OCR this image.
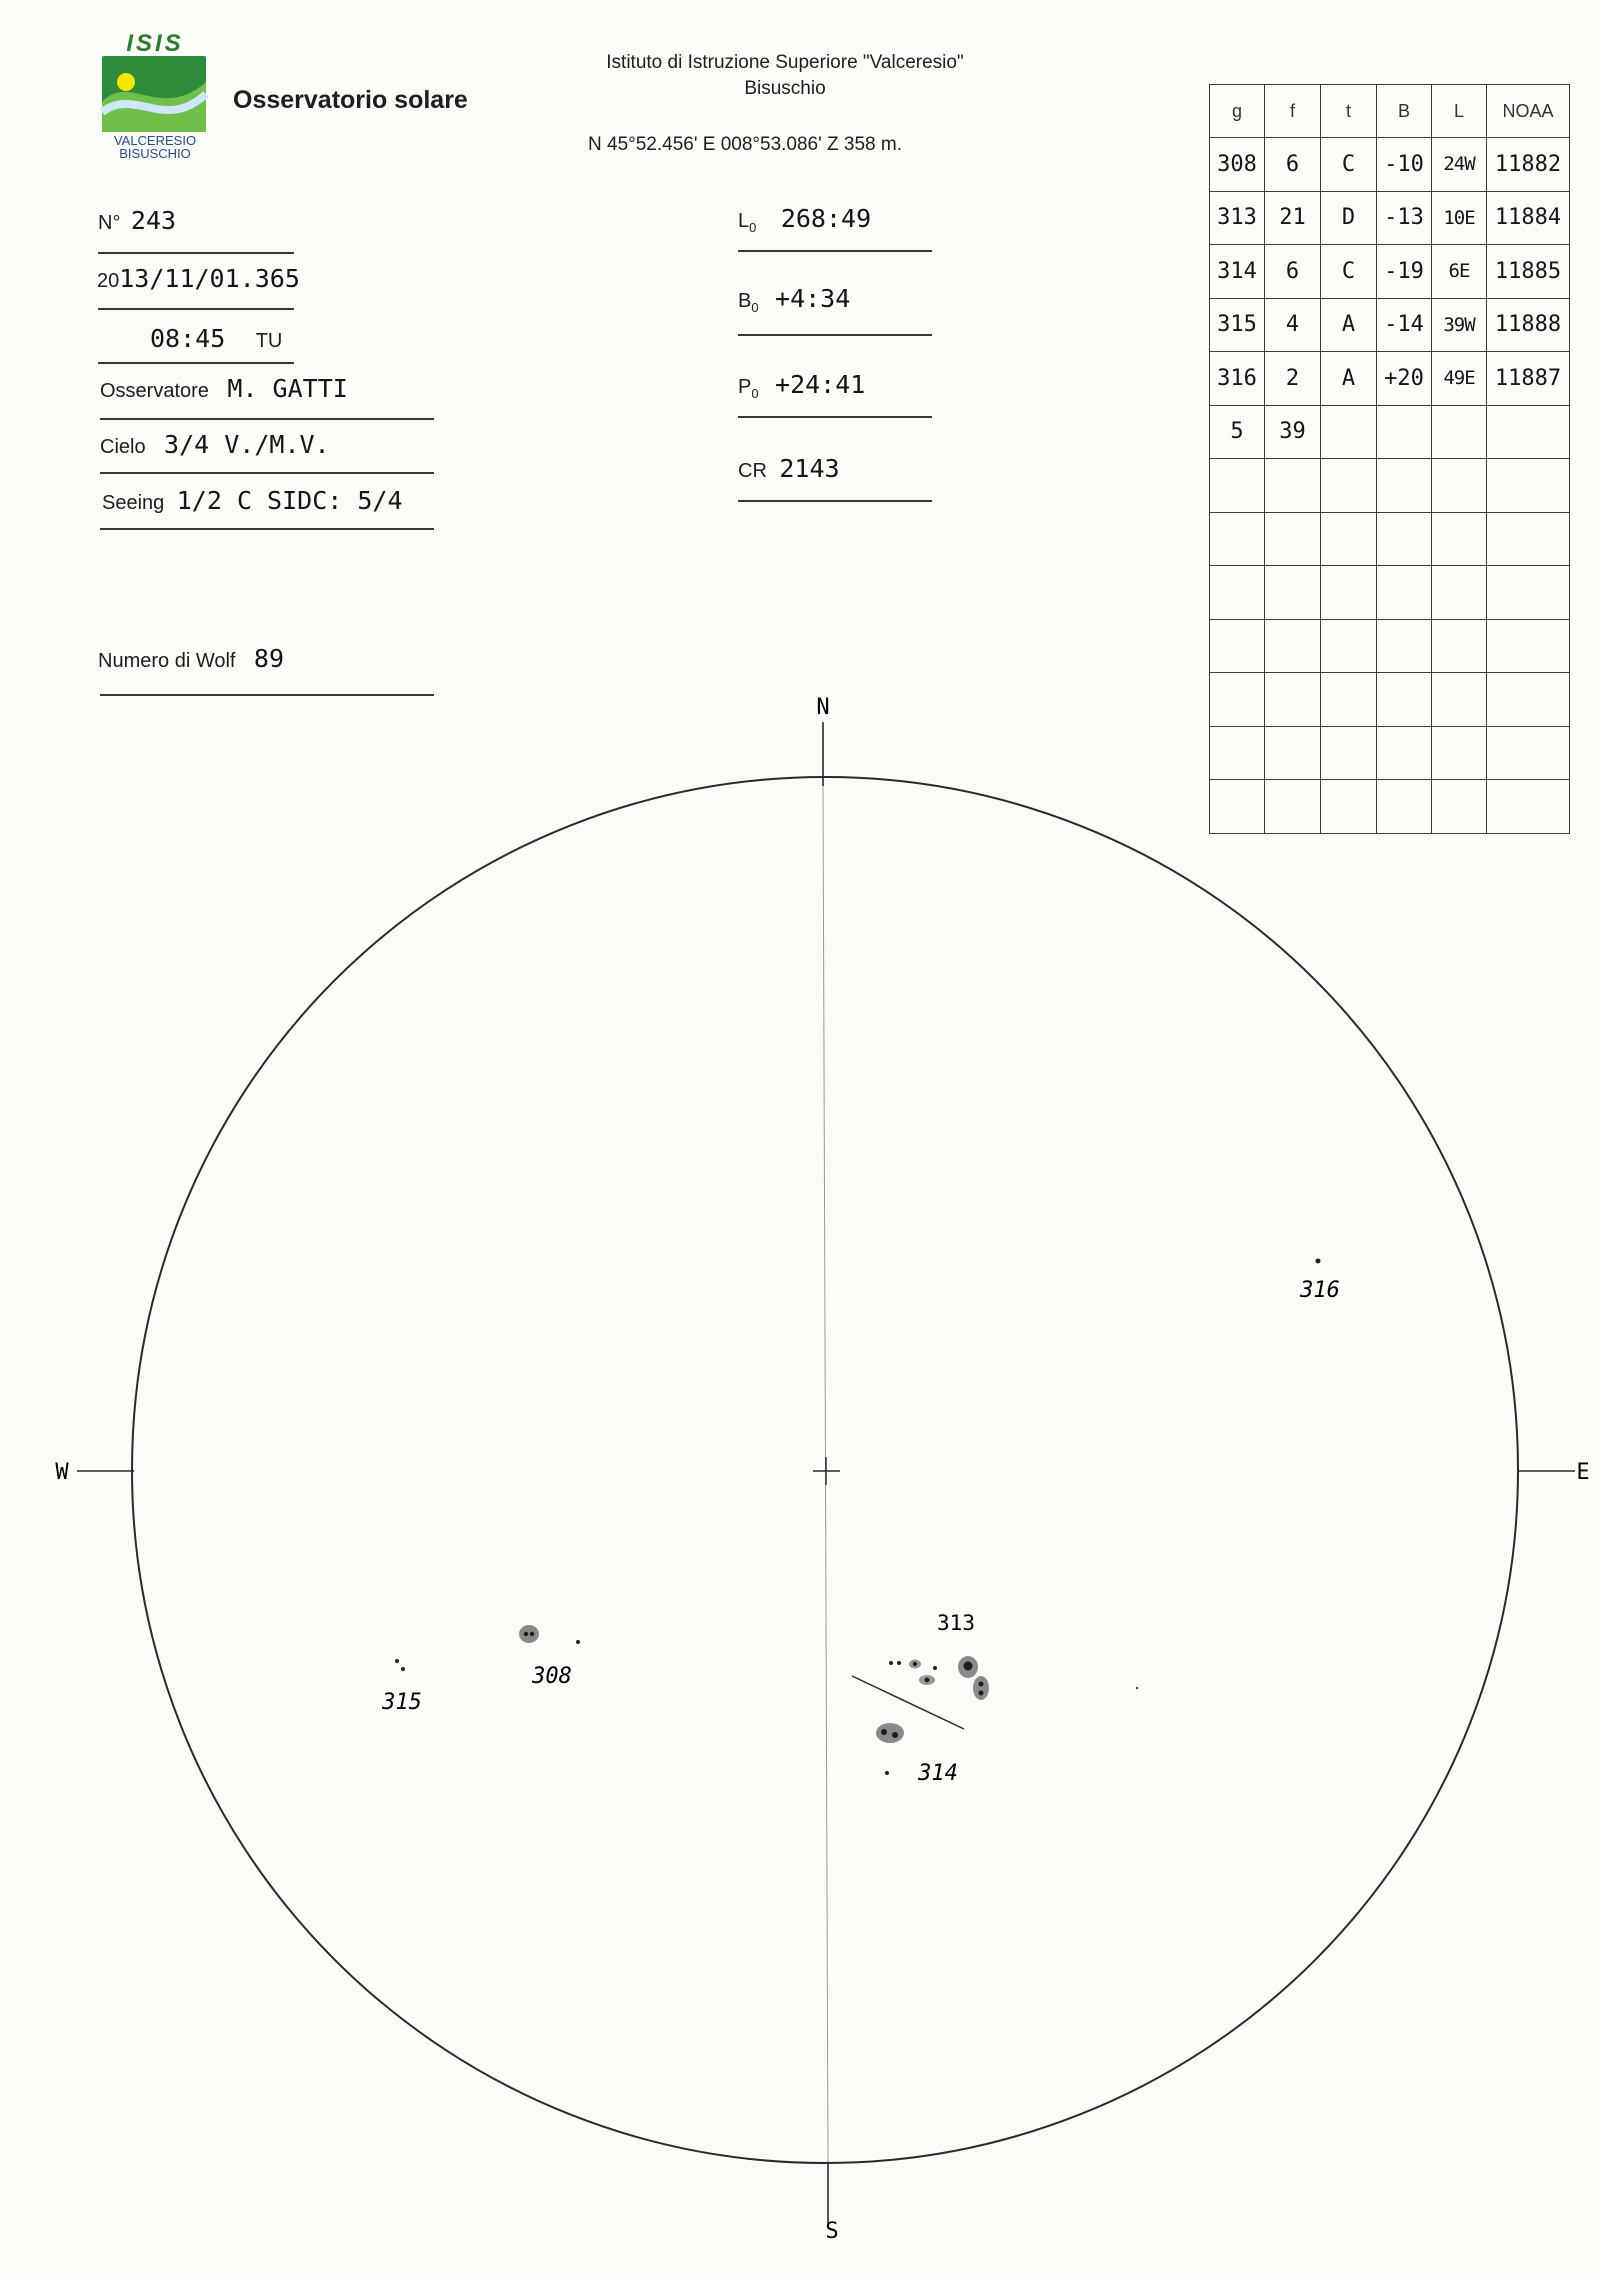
ISIS
VALCERESIO
BISUSCHIO
Osservatorio solare
Istituto di Istruzione Superiore "Valceresio"
Bisuschio
N 45°52.456' E 008°53.086' Z 358 m.
N° 243
2013/11/01.365
08:45 TU
Osservatore M. GATTI
Cielo 3/4 V./M.V.
Seeing 1/2 C SIDC: 5/4
Numero di Wolf 89
$L_0$ 268:49
$B_0$ +4:34
$P_0$ +24:41
CR 2143
g	f	t	B	L	NOAA
308	6	C	-10	24W	11882
313	21	D	-13	10E	11884
314	6	C	-19	6E	11885
315	4	A	-14	39W	11888
316	2	A	+20	49E	11887
5	39				

N
S
W	E
316
313
314
308
315
